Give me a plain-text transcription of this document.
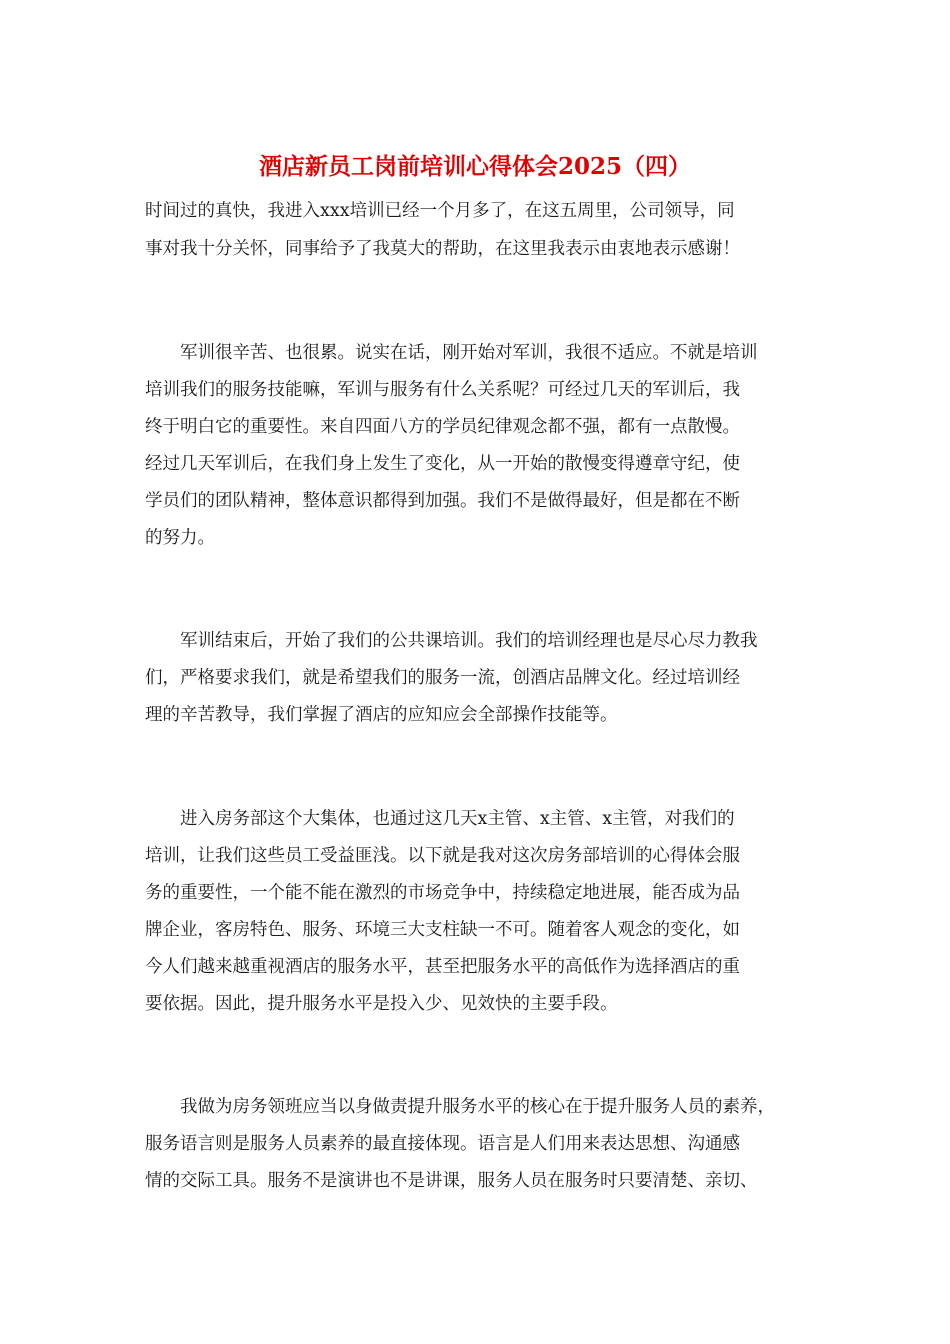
酒店新员工岗前培训心得体会2025（四）

时间过的真快，我进入xxx培训已经一个月多了，在这五周里，公司领导，同

事对我十分关怀，同事给予了我莫大的帮助，在这里我表示由衷地表示感谢！

　　军训很辛苦、也很累。说实在话，刚开始对军训，我很不适应。不就是培训

培训我们的服务技能嘛，军训与服务有什么关系呢？可经过几天的军训后，我

终于明白它的重要性。来自四面八方的学员纪律观念都不强，都有一点散慢。

经过几天军训后，在我们身上发生了变化，从一开始的散慢变得遵章守纪，使

学员们的团队精神，整体意识都得到加强。我们不是做得最好，但是都在不断

的努力。

　　军训结束后，开始了我们的公共课培训。我们的培训经理也是尽心尽力教我

们，严格要求我们，就是希望我们的服务一流，创酒店品牌文化。经过培训经

理的辛苦教导，我们掌握了酒店的应知应会全部操作技能等。

　　进入房务部这个大集体，也通过这几天x主管、x主管、x主管，对我们的

培训，让我们这些员工受益匪浅。以下就是我对这次房务部培训的心得体会服

务的重要性，一个能不能在激烈的市场竞争中，持续稳定地进展，能否成为品

牌企业，客房特色、服务、环境三大支柱缺一不可。随着客人观念的变化，如

今人们越来越重视酒店的服务水平，甚至把服务水平的高低作为选择酒店的重

要依据。因此，提升服务水平是投入少、见效快的主要手段。

　　我做为房务领班应当以身做责提升服务水平的核心在于提升服务人员的素养，

服务语言则是服务人员素养的最直接体现。语言是人们用来表达思想、沟通感

情的交际工具。服务不是演讲也不是讲课，服务人员在服务时只要清楚、亲切、
